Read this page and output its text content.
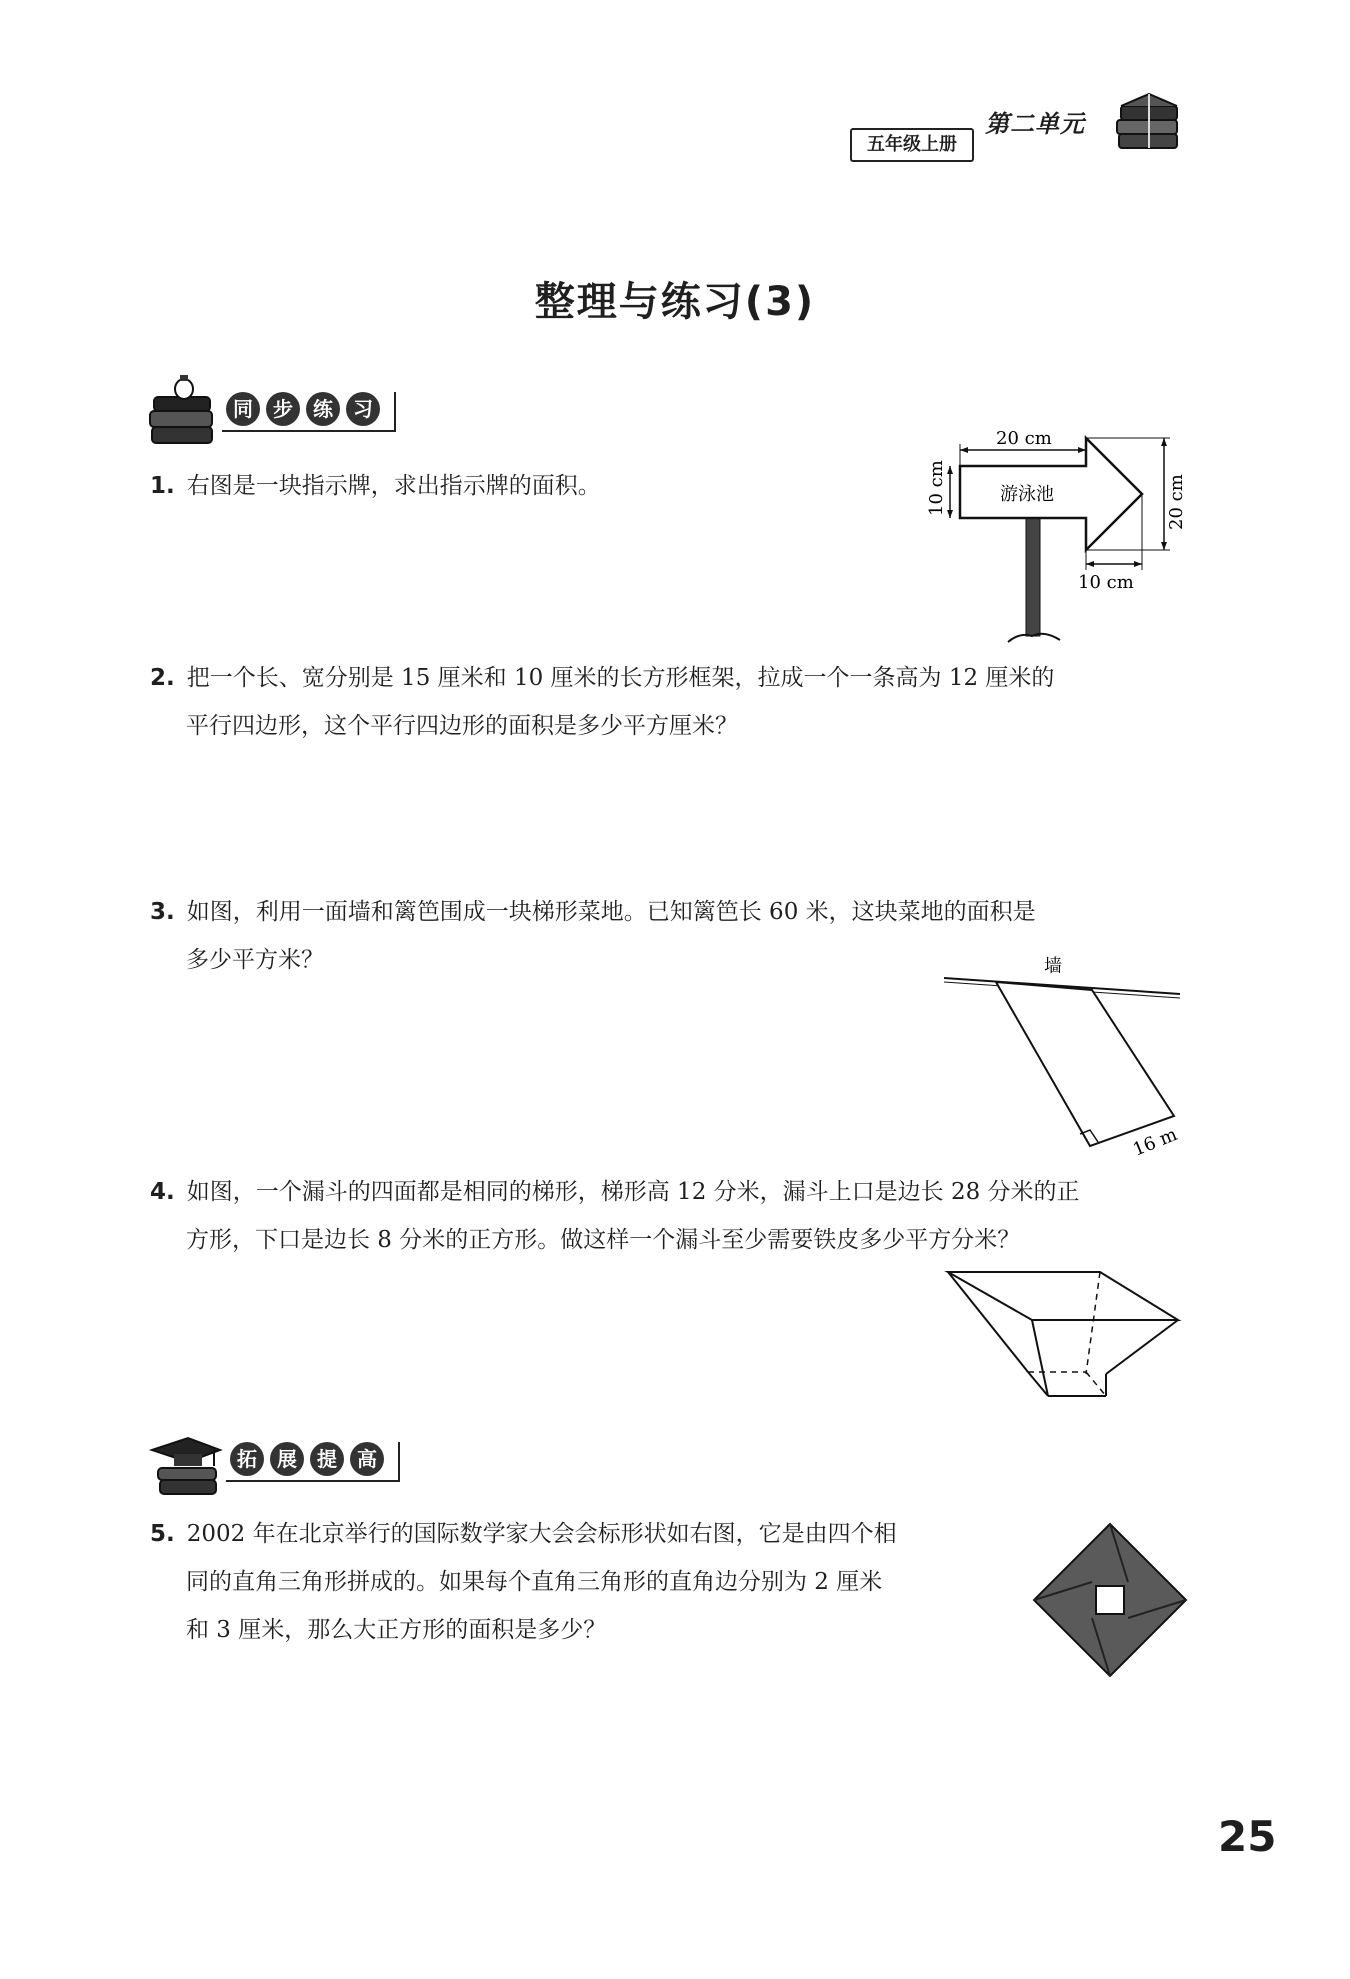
第二单元
五年级上册
整理与练习(3)
同	步	练	习
1. 右图是一块指示牌，求出指示牌的面积。	游泳池
20 cm
10 cm	20 cm
10 cm
2. 把一个长、宽分别是 15 厘米和 10 厘米的长方形框架，拉成一个一条高为 12 厘米的
平行四边形，这个平行四边形的面积是多少平方厘米？
3. 如图，利用一面墙和篱笆围成一块梯形菜地。已知篱笆长 60 米，这块菜地的面积是
多少平方米？	墙
16 m
4. 如图，一个漏斗的四面都是相同的梯形，梯形高 12 分米，漏斗上口是边长 28 分米的正
方形，下口是边长 8 分米的正方形。做这样一个漏斗至少需要铁皮多少平方分米？
拓	展	提	高
5. 2002 年在北京举行的国际数学家大会会标形状如右图，它是由四个相
同的直角三角形拼成的。如果每个直角三角形的直角边分别为 2 厘米
和 3 厘米，那么大正方形的面积是多少？
25
